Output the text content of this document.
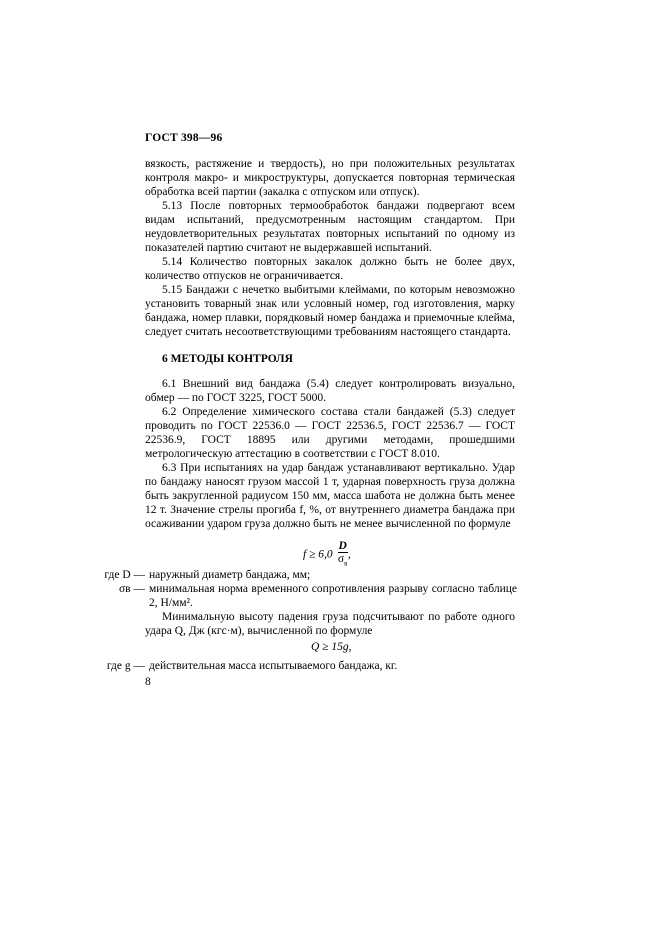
ГОСТ 398—96

вязкость, растяжение и твердость), но при положительных результатах контроля макро- и микроструктуры, допускается повторная термическая обработка всей партии (закалка с отпуском или отпуск).

5.13 После повторных термообработок бандажи подвергают всем видам испытаний, предусмотренным настоящим стандартом. При неудовлетворительных результатах повторных испытаний по одному из показателей партию считают не выдержавшей испытаний.

5.14 Количество повторных закалок должно быть не более двух, количество отпусков не ограничивается.

5.15 Бандажи с нечетко выбитыми клеймами, по которым невозможно установить товарный знак или условный номер, год изготовления, марку бандажа, номер плавки, порядковый номер бандажа и приемочные клейма, следует считать несоответствующими требованиям настоящего стандарта.

6 МЕТОДЫ КОНТРОЛЯ

6.1 Внешний вид бандажа (5.4) следует контролировать визуально, обмер — по ГОСТ 3225, ГОСТ 5000.

6.2 Определение химического состава стали бандажей (5.3) следует проводить по ГОСТ 22536.0 — ГОСТ 22536.5, ГОСТ 22536.7 — ГОСТ 22536.9, ГОСТ 18895 или другими методами, прошедшими метрологическую аттестацию в соответствии с ГОСТ 8.010.

6.3 При испытаниях на удар бандаж устанавливают вертикально. Удар по бандажу наносят грузом массой 1 т, ударная поверхность груза должна быть закругленной радиусом 150 мм, масса шабота не должна быть менее 12 т. Значение стрелы прогиба f, %, от внутреннего диаметра бандажа при осаживании ударом груза должно быть не менее вычисленной по формуле

$f \ge 6,0 \frac{D}{\sigma_в}$ ,
где D — наружный диаметр бандажа, мм;
σв — минимальная норма временного сопротивления разрыву согласно таблице 2, Н/мм².

Минимальную высоту падения груза подсчитывают по работе одного удара Q, Дж (кгс·м), вычисленной по формуле

Q ≥ 15g,
где g — действительная масса испытываемого бандажа, кг.
8
